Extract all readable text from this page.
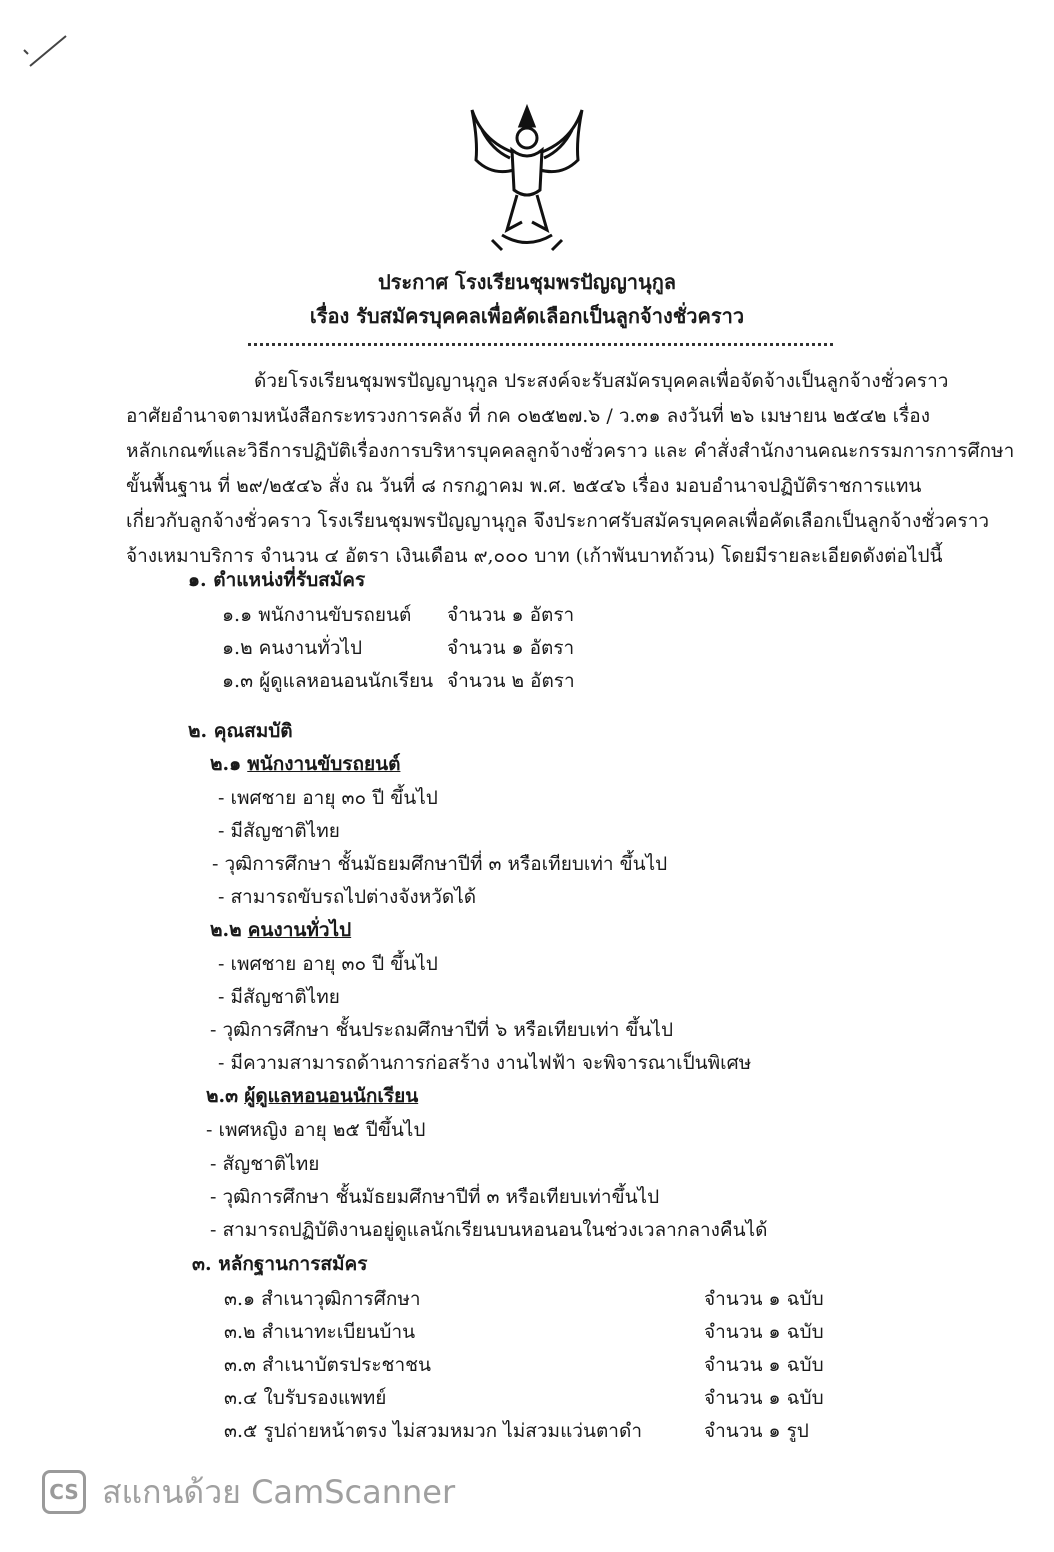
ประกาศ โรงเรียนชุมพรปัญญานุกูล
เรื่อง รับสมัครบุคคลเพื่อคัดเลือกเป็นลูกจ้างชั่วคราว
ด้วยโรงเรียนชุมพรปัญญานุกูล ประสงค์จะรับสมัครบุคคลเพื่อจัดจ้างเป็นลูกจ้างชั่วคราว
อาศัยอำนาจตามหนังสือกระทรวงการคลัง ที่ กค ๐๒๕๒๗.๖ / ว.๓๑ ลงวันที่ ๒๖ เมษายน ๒๕๔๒ เรื่อง
หลักเกณฑ์และวิธีการปฏิบัติเรื่องการบริหารบุคคลลูกจ้างชั่วคราว และ คำสั่งสำนักงานคณะกรรมการการศึกษา
ขั้นพื้นฐาน ที่ ๒๙/๒๕๔๖ สั่ง ณ วันที่ ๘ กรกฎาคม พ.ศ. ๒๕๔๖ เรื่อง มอบอำนาจปฏิบัติราชการแทน
เกี่ยวกับลูกจ้างชั่วคราว โรงเรียนชุมพรปัญญานุกูล จึงประกาศรับสมัครบุคคลเพื่อคัดเลือกเป็นลูกจ้างชั่วคราว
จ้างเหมาบริการ จำนวน ๔ อัตรา เงินเดือน ๙,๐๐๐ บาท (เก้าพันบาทถ้วน) โดยมีรายละเอียดดังต่อไปนี้
๑. ตำแหน่งที่รับสมัคร
๑.๑ พนักงานขับรถยนต์ จำนวน ๑ อัตรา
๑.๒ คนงานทั่วไป	จำนวน ๑ อัตรา
๑.๓ ผู้ดูแลหอนอนนักเรียน จำนวน ๒ อัตรา
๒. คุณสมบัติ
๒.๑ พนักงานขับรถยนต์
- เพศชาย อายุ ๓๐ ปี ขึ้นไป
- มีสัญชาติไทย
- วุฒิการศึกษา ชั้นมัธยมศึกษาปีที่ ๓ หรือเทียบเท่า ขึ้นไป
- สามารถขับรถไปต่างจังหวัดได้
๒.๒ คนงานทั่วไป
- เพศชาย อายุ ๓๐ ปี ขึ้นไป
- มีสัญชาติไทย
- วุฒิการศึกษา ชั้นประถมศึกษาปีที่ ๖ หรือเทียบเท่า ขึ้นไป
- มีความสามารถด้านการก่อสร้าง งานไฟฟ้า จะพิจารณาเป็นพิเศษ
๒.๓ ผู้ดูแลหอนอนนักเรียน
- เพศหญิง อายุ ๒๕ ปีขึ้นไป
- สัญชาติไทย
- วุฒิการศึกษา ชั้นมัธยมศึกษาปีที่ ๓ หรือเทียบเท่าขึ้นไป
- สามารถปฏิบัติงานอยู่ดูแลนักเรียนบนหอนอนในช่วงเวลากลางคืนได้
๓. หลักฐานการสมัคร
๓.๑ สำเนาวุฒิการศึกษา	จำนวน ๑ ฉบับ
๓.๒ สำเนาทะเบียนบ้าน	จำนวน ๑ ฉบับ
๓.๓ สำเนาบัตรประชาชน	จำนวน ๑ ฉบับ
๓.๔ ใบรับรองแพทย์	จำนวน ๑ ฉบับ
๓.๕ รูปถ่ายหน้าตรง ไม่สวมหมวก ไม่สวมแว่นตาดำ	จำนวน ๑ รูป
CS สแกนด้วย CamScanner
